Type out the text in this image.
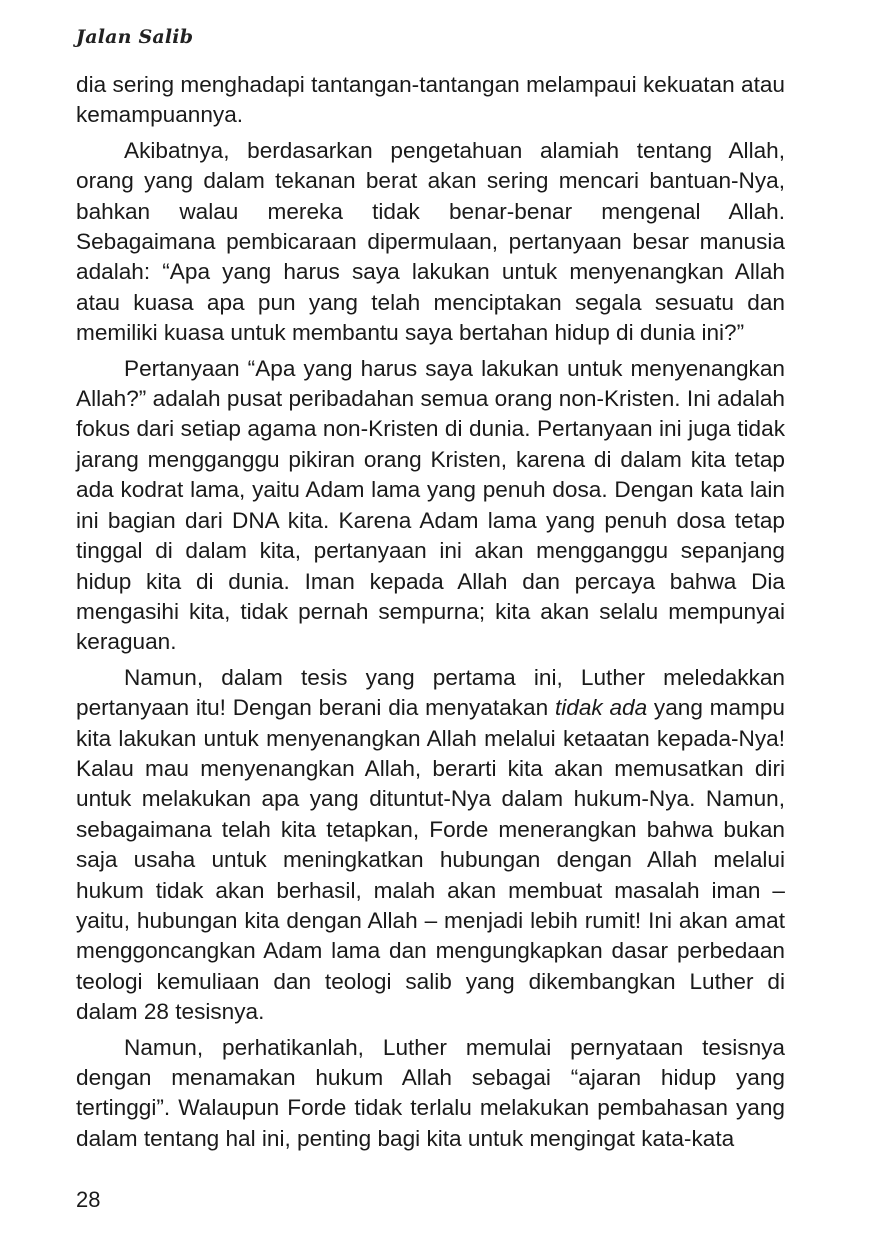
Jalan Salib

dia sering menghadapi tantangan-tantangan melampaui kekuatan atau kemampuannya.

Akibatnya, berdasarkan pengetahuan alamiah tentang Allah, orang yang dalam tekanan berat akan sering mencari bantuan-Nya, bahkan walau mereka tidak benar-benar mengenal Allah. Sebagaimana pembicaraan dipermulaan, pertanyaan besar manusia adalah: “Apa yang harus saya lakukan untuk menyenangkan Allah atau kuasa apa pun yang telah menciptakan segala sesuatu dan memiliki kuasa untuk membantu saya bertahan hidup di dunia ini?”

Pertanyaan “Apa yang harus saya lakukan untuk menyenangkan Allah?” adalah pusat peribadahan semua orang non-Kristen. Ini adalah fokus dari setiap agama non-Kristen di dunia. Pertanyaan ini juga tidak jarang mengganggu pikiran orang Kristen, karena di dalam kita tetap ada kodrat lama, yaitu Adam lama yang penuh dosa. Dengan kata lain ini bagian dari DNA kita. Karena Adam lama yang penuh dosa tetap tinggal di dalam kita, pertanyaan ini akan mengganggu sepanjang hidup kita di dunia. Iman kepada Allah dan percaya bahwa Dia mengasihi kita, tidak pernah sempurna; kita akan selalu mempunyai keraguan.

Namun, dalam tesis yang pertama ini, Luther meledakkan pertanyaan itu! Dengan berani dia menyatakan tidak ada yang mampu kita lakukan untuk menyenangkan Allah melalui ketaatan kepada-Nya! Kalau mau menyenangkan Allah, berarti kita akan memusatkan diri untuk melakukan apa yang dituntut-Nya dalam hukum-Nya. Namun, sebagaimana telah kita tetapkan, Forde menerangkan bahwa bukan saja usaha untuk meningkatkan hubungan dengan Allah melalui hukum tidak akan berhasil, malah akan membuat masalah iman – yaitu, hubungan kita dengan Allah – menjadi lebih rumit! Ini akan amat menggoncangkan Adam lama dan mengungkapkan dasar perbedaan teologi kemuliaan dan teologi salib yang dikembangkan Luther di dalam 28 tesisnya.

Namun, perhatikanlah, Luther memulai pernyataan tesisnya dengan menamakan hukum Allah sebagai “ajaran hidup yang tertinggi”. Walaupun Forde tidak terlalu melakukan pembahasan yang dalam tentang hal ini, penting bagi kita untuk mengingat kata-kata

28
